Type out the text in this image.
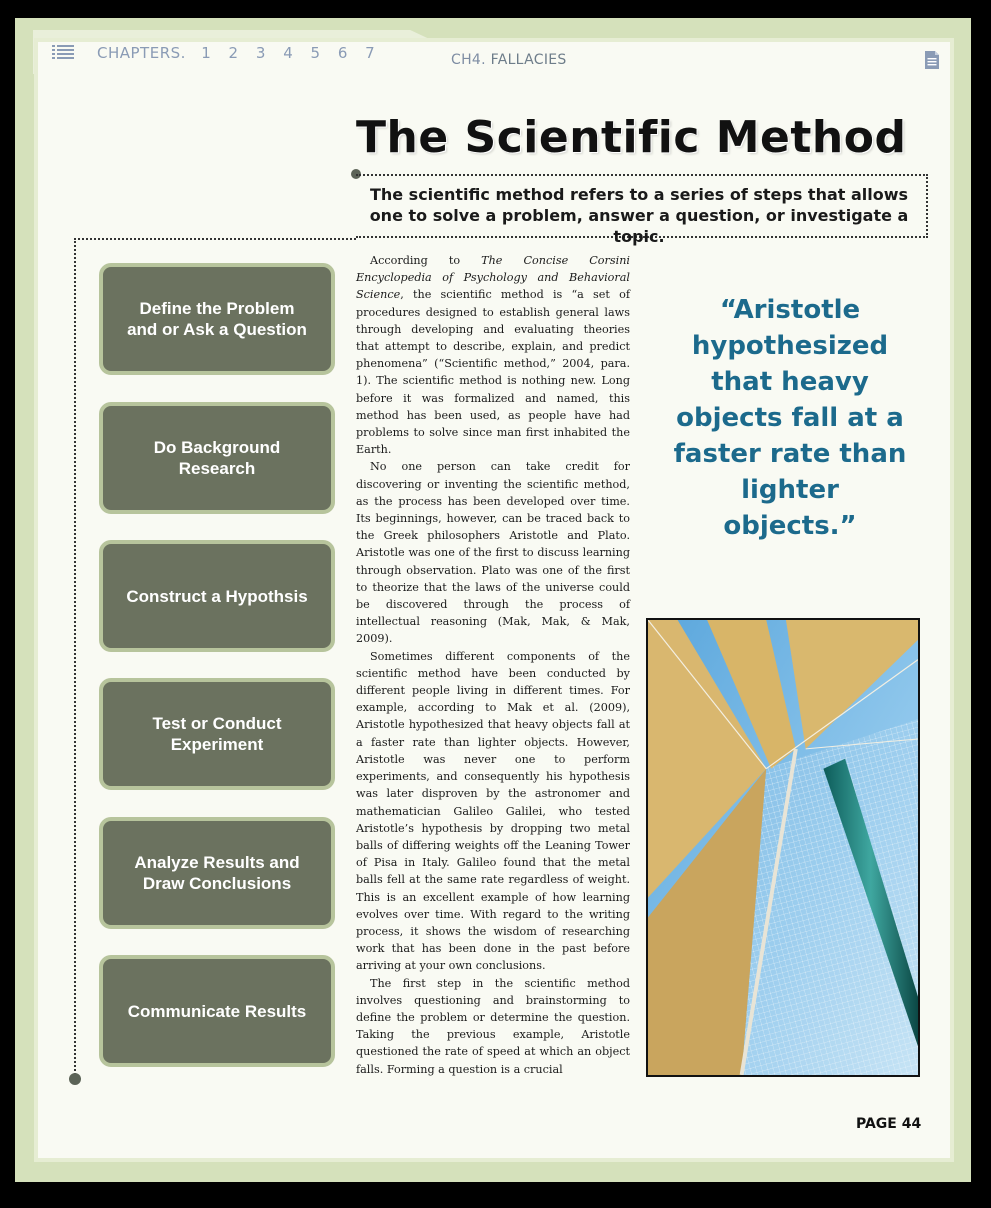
CHAPTERS. 1 2 3 4 5 6 7	CH4. FALLACIES
The Scientific Method
The scientific method refers to a series of steps that allows one to solve a problem, answer a question, or investigate a topic.
Define the Problem and or Ask a Question
Do Background Research
Construct a Hypothsis
Test or Conduct Experiment
Analyze Results and Draw Conclusions
Communicate Results

According to The Concise Corsini Encyclopedia of Psychology and Behavioral Science, the scientific method is “a set of procedures designed to establish general laws through developing and evaluating theories that attempt to describe, explain, and predict phenomena” (“Scientific method,” 2004, para. 1). The scientific method is nothing new. Long before it was formalized and named, this method has been used, as people have had problems to solve since man first inhabited the Earth.

No one person can take credit for discovering or inventing the scientific method, as the process has been developed over time. Its beginnings, however, can be traced back to the Greek philosophers Aristotle and Plato. Aristotle was one of the first to discuss learning through observation. Plato was one of the first to theorize that the laws of the universe could be discovered through the process of intellectual reasoning (Mak, Mak, & Mak, 2009).

Sometimes different components of the scientific method have been conducted by different people living in different times. For example, according to Mak et al. (2009), Aristotle hypothesized that heavy objects fall at a faster rate than lighter objects. However, Aristotle was never one to perform experiments, and consequently his hypothesis was later disproven by the astronomer and mathematician Galileo Galilei, who tested Aristotle’s hypothesis by dropping two metal balls of differing weights off the Leaning Tower of Pisa in Italy. Galileo found that the metal balls fell at the same rate regardless of weight. This is an excellent example of how learning evolves over time. With regard to the writing process, it shows the wisdom of researching work that has been done in the past before arriving at your own conclusions.

The first step in the scientific method involves questioning and brainstorming to define the problem or determine the question. Taking the previous example, Aristotle questioned the rate of speed at which an object falls. Forming a question is a crucial

“Aristotle hypothesized that heavy objects fall at a faster rate than lighter objects.”
PAGE 44
